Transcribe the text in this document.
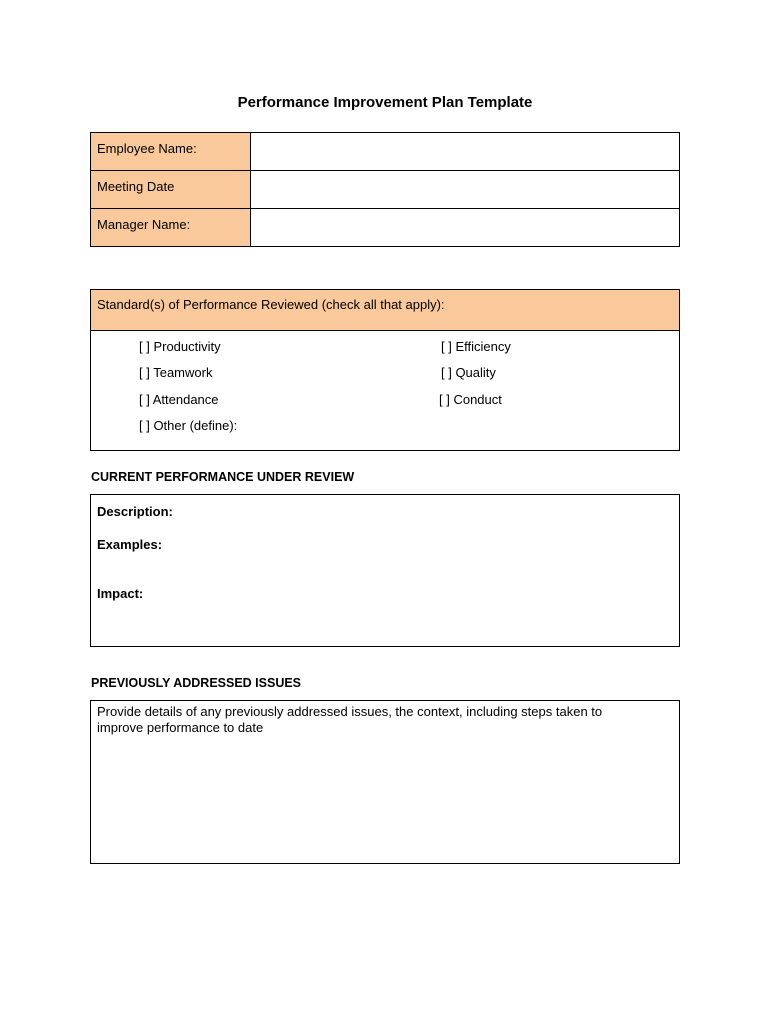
Performance Improvement Plan Template
Employee Name:	
Meeting Date	
Manager Name:	
Standard(s) of Performance Reviewed (check all that apply):
[ ] Productivity	[ ] Efficiency
[ ] Teamwork	[ ] Quality
[ ] Attendance	[ ] Conduct
[ ] Other (define):
CURRENT PERFORMANCE UNDER REVIEW
Description:
Examples:
Impact:
PREVIOUSLY ADDRESSED ISSUES
Provide details of any previously addressed issues, the context, including steps taken to
improve performance to date
